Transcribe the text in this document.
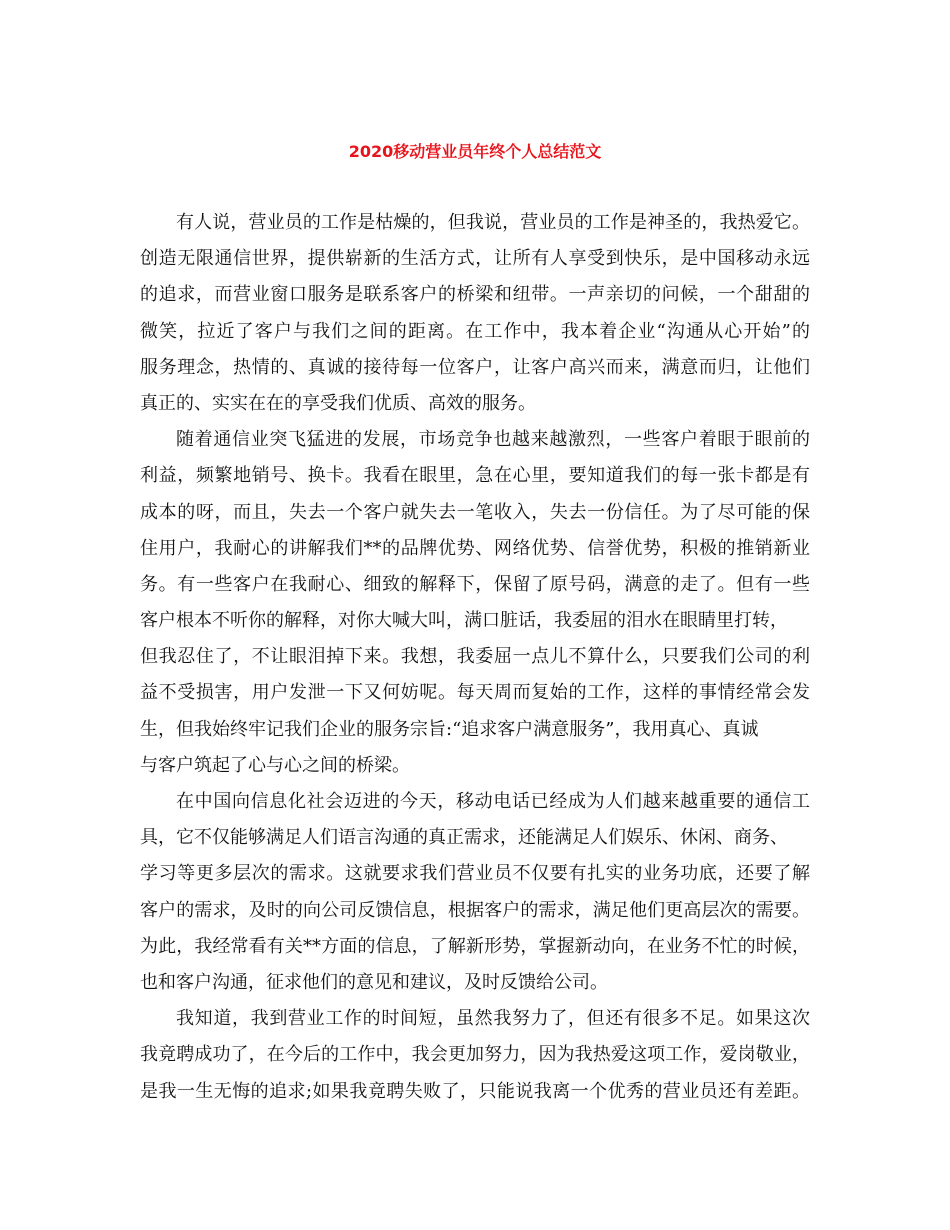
2020移动营业员年终个人总结范文
有人说，营业员的工作是枯燥的，但我说，营业员的工作是神圣的，我热爱它。
创造无限通信世界，提供崭新的生活方式，让所有人享受到快乐，是中国移动永远
的追求，而营业窗口服务是联系客户的桥梁和纽带。一声亲切的问候，一个甜甜的
微笑，拉近了客户与我们之间的距离。在工作中，我本着企业“沟通从心开始”的
服务理念，热情的、真诚的接待每一位客户，让客户高兴而来，满意而归，让他们
真正的、实实在在的享受我们优质、高效的服务。
随着通信业突飞猛进的发展，市场竞争也越来越激烈，一些客户着眼于眼前的
利益，频繁地销号、换卡。我看在眼里，急在心里，要知道我们的每一张卡都是有
成本的呀，而且，失去一个客户就失去一笔收入，失去一份信任。为了尽可能的保
住用户，我耐心的讲解我们**的品牌优势、网络优势、信誉优势，积极的推销新业
务。有一些客户在我耐心、细致的解释下，保留了原号码，满意的走了。但有一些
客户根本不听你的解释，对你大喊大叫，满口脏话，我委屈的泪水在眼睛里打转，
但我忍住了，不让眼泪掉下来。我想，我委屈一点儿不算什么，只要我们公司的利
益不受损害，用户发泄一下又何妨呢。每天周而复始的工作，这样的事情经常会发
生，但我始终牢记我们企业的服务宗旨:“追求客户满意服务”，我用真心、真诚
与客户筑起了心与心之间的桥梁。
在中国向信息化社会迈进的今天，移动电话已经成为人们越来越重要的通信工
具，它不仅能够满足人们语言沟通的真正需求，还能满足人们娱乐、休闲、商务、
学习等更多层次的需求。这就要求我们营业员不仅要有扎实的业务功底，还要了解
客户的需求，及时的向公司反馈信息，根据客户的需求，满足他们更高层次的需要。
为此，我经常看有关**方面的信息，了解新形势，掌握新动向，在业务不忙的时候，
也和客户沟通，征求他们的意见和建议，及时反馈给公司。
我知道，我到营业工作的时间短，虽然我努力了，但还有很多不足。如果这次
我竟聘成功了，在今后的工作中，我会更加努力，因为我热爱这项工作，爱岗敬业，
是我一生无悔的追求;如果我竟聘失败了，只能说我离一个优秀的营业员还有差距。
